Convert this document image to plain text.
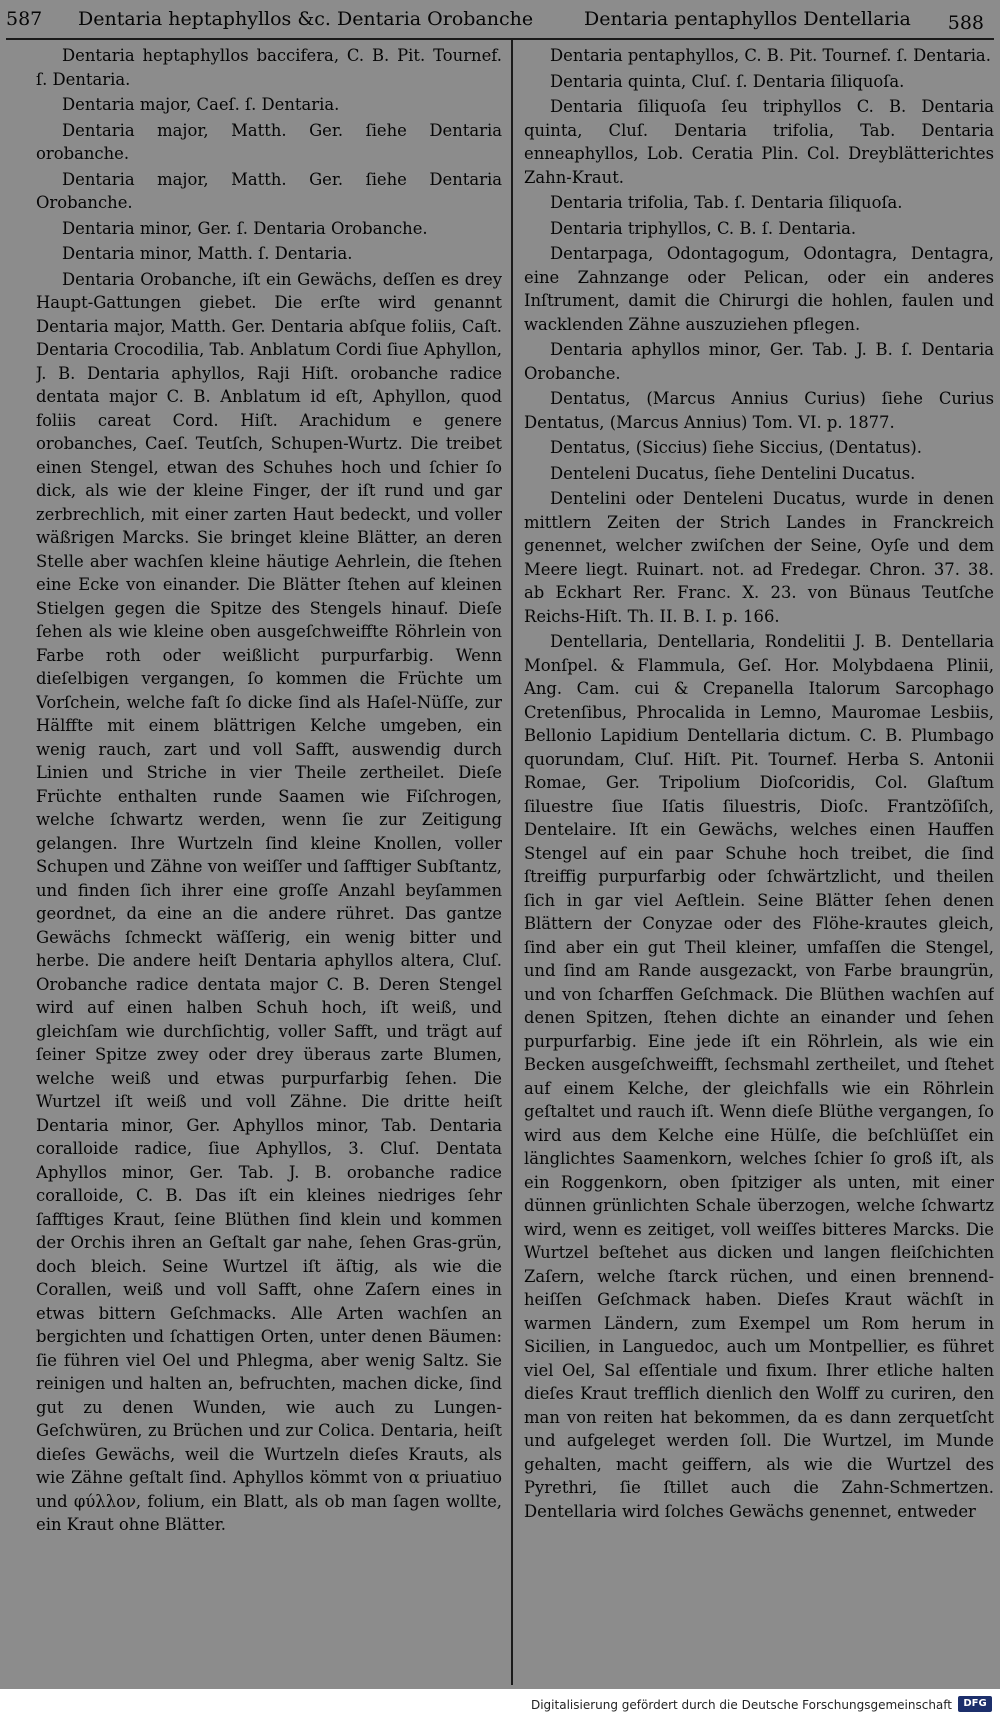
587 Dentaria heptaphyllos &c. Dentaria Orobanche	Dentaria pentaphyllos Dentellaria 588

Dentaria heptaphyllos baccifera, C. B. Pit. Tournef. ſ. Dentaria.

Dentaria major, Caeſ. ſ. Dentaria.

Dentaria major, Matth. Ger. ſiehe Dentaria orobanche.

Dentaria major, Matth. Ger. ſiehe Dentaria Orobanche.

Dentaria minor, Ger. ſ. Dentaria Orobanche.

Dentaria minor, Matth. ſ. Dentaria.

Dentaria Orobanche, iſt ein Gewächs, deſſen es drey Haupt-Gattungen giebet. Die erſte wird genannt Dentaria major, Matth. Ger. Dentaria abſque foliis, Caſt. Dentaria Crocodilia, Tab. Anblatum Cordi ſiue Aphyllon, J. B. Dentaria aphyllos, Raji Hiſt. orobanche radice dentata major C. B. Anblatum id eſt, Aphyllon, quod foliis careat Cord. Hiſt. Arachidum e genere orobanches, Caeſ. Teutſch, Schupen-Wurtz. Die treibet einen Stengel, etwan des Schuhes hoch und ſchier ſo dick, als wie der kleine Finger, der iſt rund und gar zerbrechlich, mit einer zarten Haut bedeckt, und voller wäßrigen Marcks. Sie bringet kleine Blätter, an deren Stelle aber wachſen kleine häutige Aehrlein, die ſtehen eine Ecke von einander. Die Blätter ſtehen auf kleinen Stielgen gegen die Spitze des Stengels hinauf. Dieſe ſehen als wie kleine oben ausgeſchweiffte Röhrlein von Farbe roth oder weißlicht purpurfarbig. Wenn dieſelbigen vergangen, ſo kommen die Früchte um Vorſchein, welche faſt ſo dicke ſind als Haſel-Nüſſe, zur Hälffte mit einem blättrigen Kelche umgeben, ein wenig rauch, zart und voll Safft, auswendig durch Linien und Striche in vier Theile zertheilet. Dieſe Früchte enthalten runde Saamen wie Fiſchrogen, welche ſchwartz werden, wenn ſie zur Zeitigung gelangen. Ihre Wurtzeln ſind kleine Knollen, voller Schupen und Zähne von weiſſer und ſafftiger Subſtantz, und finden ſich ihrer eine groſſe Anzahl beyſammen geordnet, da eine an die andere rühret. Das gantze Gewächs ſchmeckt wäſſerig, ein wenig bitter und herbe. Die andere heiſt Dentaria aphyllos altera, Cluſ. Orobanche radice dentata major C. B. Deren Stengel wird auf einen halben Schuh hoch, iſt weiß, und gleichſam wie durchſichtig, voller Safft, und trägt auf ſeiner Spitze zwey oder drey überaus zarte Blumen, welche weiß und etwas purpurfarbig ſehen. Die Wurtzel iſt weiß und voll Zähne. Die dritte heiſt Dentaria minor, Ger. Aphyllos minor, Tab. Dentaria coralloide radice, ſiue Aphyllos, 3. Cluſ. Dentata Aphyllos minor, Ger. Tab. J. B. orobanche radice coralloide, C. B. Das iſt ein kleines niedriges ſehr ſafftiges Kraut, ſeine Blüthen ſind klein und kommen der Orchis ihren an Geſtalt gar nahe, ſehen Gras-grün, doch bleich. Seine Wurtzel iſt äſtig, als wie die Corallen, weiß und voll Safft, ohne Zaſern eines in etwas bittern Geſchmacks. Alle Arten wachſen an bergichten und ſchattigen Orten, unter denen Bäumen: ſie führen viel Oel und Phlegma, aber wenig Saltz. Sie reinigen und halten an, befruchten, machen dicke, ſind gut zu denen Wunden, wie auch zu Lungen-Geſchwüren, zu Brüchen und zur Colica. Dentaria, heiſt dieſes Gewächs, weil die Wurtzeln dieſes Krauts, als wie Zähne geſtalt ſind. Aphyllos kömmt von α priuatiuo und φύλλον, folium, ein Blatt, als ob man ſagen wollte, ein Kraut ohne Blätter.

Dentaria pentaphyllos, C. B. Pit. Tournef. ſ. Dentaria.

Dentaria quinta, Cluſ. ſ. Dentaria ſiliquoſa.

Dentaria ſiliquoſa ſeu triphyllos C. B. Dentaria quinta, Cluſ. Dentaria trifolia, Tab. Dentaria enneaphyllos, Lob. Ceratia Plin. Col. Dreyblätterichtes Zahn-Kraut.

Dentaria trifolia, Tab. ſ. Dentaria ſiliquoſa.

Dentaria triphyllos, C. B. ſ. Dentaria.

Dentarpaga, Odontagogum, Odontagra, Dentagra, eine Zahnzange oder Pelican, oder ein anderes Inſtrument, damit die Chirurgi die hohlen, faulen und wacklenden Zähne auszuziehen pflegen.

Dentaria aphyllos minor, Ger. Tab. J. B. ſ. Dentaria Orobanche.

Dentatus, (Marcus Annius Curius) ſiehe Curius Dentatus, (Marcus Annius) Tom. VI. p. 1877.

Dentatus, (Siccius) ſiehe Siccius, (Dentatus).

Denteleni Ducatus, ſiehe Dentelini Ducatus.

Dentelini oder Denteleni Ducatus, wurde in denen mittlern Zeiten der Strich Landes in Franckreich genennet, welcher zwiſchen der Seine, Oyſe und dem Meere liegt. Ruinart. not. ad Fredegar. Chron. 37. 38. ab Eckhart Rer. Franc. X. 23. von Bünaus Teutſche Reichs-Hiſt. Th. II. B. I. p. 166.

Dentellaria, Dentellaria, Rondelitii J. B. Dentellaria Monſpel. & Flammula, Geſ. Hor. Molybdaena Plinii, Ang. Cam. cui & Crepanella Italorum Sarcophago Cretenſibus, Phrocalida in Lemno, Mauromae Lesbiis, Bellonio Lapidium Dentellaria dictum. C. B. Plumbago quorundam, Cluſ. Hiſt. Pit. Tournef. Herba S. Antonii Romae, Ger. Tripolium Dioſcoridis, Col. Glaſtum ſiluestre ſiue Iſatis ſiluestris, Dioſc. Frantzöſiſch, Dentelaire. Iſt ein Gewächs, welches einen Hauffen Stengel auf ein paar Schuhe hoch treibet, die ſind ſtreiffig purpurfarbig oder ſchwärtzlicht, und theilen ſich in gar viel Aeſtlein. Seine Blätter ſehen denen Blättern der Conyzae oder des Flöhe-krautes gleich, ſind aber ein gut Theil kleiner, umfaſſen die Stengel, und ſind am Rande ausgezackt, von Farbe braungrün, und von ſcharffen Geſchmack. Die Blüthen wachſen auf denen Spitzen, ſtehen dichte an einander und ſehen purpurfarbig. Eine jede iſt ein Röhrlein, als wie ein Becken ausgeſchweifft, ſechsmahl zertheilet, und ſtehet auf einem Kelche, der gleichfalls wie ein Röhrlein geſtaltet und rauch iſt. Wenn dieſe Blüthe vergangen, ſo wird aus dem Kelche eine Hülſe, die beſchlüſſet ein länglichtes Saamenkorn, welches ſchier ſo groß iſt, als ein Roggenkorn, oben ſpitziger als unten, mit einer dünnen grünlichten Schale überzogen, welche ſchwartz wird, wenn es zeitiget, voll weiſſes bitteres Marcks. Die Wurtzel beſtehet aus dicken und langen fleiſchichten Zaſern, welche ſtarck rüchen, und einen brennend-heiſſen Geſchmack haben. Dieſes Kraut wächſt in warmen Ländern, zum Exempel um Rom herum in Sicilien, in Languedoc, auch um Montpellier, es führet viel Oel, Sal eſſentiale und fixum. Ihrer etliche halten dieſes Kraut trefflich dienlich den Wolff zu curiren, den man von reiten hat bekommen, da es dann zerquetſcht und aufgeleget werden ſoll. Die Wurtzel, im Munde gehalten, macht geiffern, als wie die Wurtzel des Pyrethri, ſie ſtillet auch die Zahn-Schmertzen. Dentellaria wird ſolches Gewächs genennet, entweder

Digitalisierung gefördert durch die Deutsche Forschungsgemeinschaft	DFG
